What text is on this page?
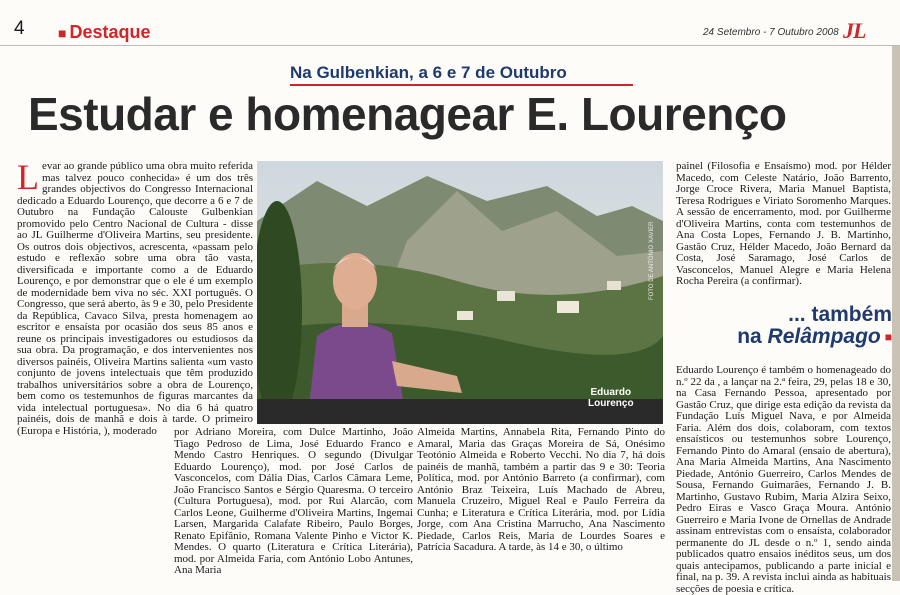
4 ■ Destaque	24 Setembro - 7 Outubro 2008 JL
Na Gulbenkian, a 6 e 7 de Outubro
Estudar e homenagear E. Lourenço

Levar ao grande público uma obra muito referida mas talvez pouco conhecida» é um dos três grandes objectivos do Congresso Internacional dedicado a Eduardo Lourenço, que decorre a 6 e 7 de Outubro na Fundação Calouste Gulbenkian promovido pelo Centro Nacional de Cultura - disse ao JL Guilherme d'Oliveira Martins, seu presidente. Os outros dois objectivos, acrescenta, «passam pelo estudo e reflexão sobre uma obra tão vasta, diversificada e importante como a de Eduardo Lourenço, e por demonstrar que o ele é um exemplo de modernidade bem viva no séc. XXI português. O Congresso, que será aberto, às 9 e 30, pelo Presidente da República, Cavaco Silva, presta homenagem ao escritor e ensaísta por ocasião dos seus 85 anos e reune os principais investigadores ou estudiosos da sua obra. Da programação, e dos intervenientes nos diversos painéis, Oliveira Martins salienta «um vasto conjunto de jovens intelectuais que têm produzido trabalhos universitários sobre a obra de Lourenço, bem como os testemunhos de figuras marcantes da vida intelectual portuguesa». No dia 6 há quatro painéis, dois de manhã e dois à tarde. O primeiro (Europa e História, ), moderado

Eduardo
Lourenço
FOTO DE ANTÓNIO XAVIER

por Adriano Moreira, com Dulce Martinho, João Tiago Pedroso de Lima, José Eduardo Franco e Mendo Castro Henriques. O segundo (Divulgar Eduardo Lourenço), mod. por José Carlos de Vasconcelos, com Dália Dias, Carlos Câmara Leme, João Francisco Santos e Sérgio Quaresma. O terceiro (Cultura Portuguesa), mod. por Rui Alarcão, com Carlos Leone, Guilherme d'Oliveira Martins, Ingemai Larsen, Margarida Calafate Ribeiro, Paulo Borges, Renato Epifânio, Romana Valente Pinho e Victor K. Mendes. O quarto (Literatura e Crítica Literária), mod. por Almeida Faria, com António Lobo Antunes, Ana Maria

Almeida Martins, Annabela Rita, Fernando Pinto do Amaral, Maria das Graças Moreira de Sá, Onésimo Teotónio Almeida e Roberto Vecchi. No dia 7, há dois painéis de manhã, também a partir das 9 e 30: Teoria Política, mod. por António Barreto (a confirmar), com António Braz Teixeira, Luís Machado de Abreu, Manuela Cruzeiro, Miguel Real e Paulo Ferreira da Cunha; e Literatura e Crítica Literária, mod. por Lídia Jorge, com Ana Cristina Marrucho, Ana Nascimento Piedade, Carlos Reis, Maria de Lourdes Soares e Patrícia Sacadura. A tarde, às 14 e 30, o último

painel (Filosofia e Ensaísmo) mod. por Hélder Macedo, com Celeste Natário, João Barrento, Jorge Croce Rivera, Maria Manuel Baptista, Teresa Rodrigues e Viriato Soromenho Marques. A sessão de encerramento, mod. por Guilherme d'Oliveira Martins, conta com testemunhos de Ana Costa Lopes, Fernando J. B. Martinho, Gastão Cruz, Hélder Macedo, João Bernard da Costa, José Saramago, José Carlos de Vasconcelos, Manuel Alegre e Maria Helena Rocha Pereira (a confirmar).

... também
na Relâmpago ■

Eduardo Lourenço é também o homenageado do n.º 22 da , a lançar na 2.ª feira, 29, pelas 18 e 30, na Casa Fernando Pessoa, apresentado por Gastão Cruz, que dirige esta edição da revista da Fundação Luís Miguel Nava, e por Almeida Faria. Além dos dois, colaboram, com textos ensaísticos ou testemunhos sobre Lourenço, Fernando Pinto do Amaral (ensaio de abertura), Ana Maria Almeida Martins, Ana Nascimento Piedade, António Guerreiro, Carlos Mendes de Sousa, Fernando Guimarães, Fernando J. B. Martinho, Gustavo Rubim, Maria Alzira Seixo, Pedro Eiras e Vasco Graça Moura. António Guerreiro e Maria Ivone de Ornellas de Andrade assinam entrevistas com o ensaísta, colaborador permanente do JL desde o n.º 1, sendo ainda publicados quatro ensaios inéditos seus, um dos quais antecipamos, publicando a parte inicial e final, na p. 39. A revista inclui ainda as habituais secções de poesia e crítica.
